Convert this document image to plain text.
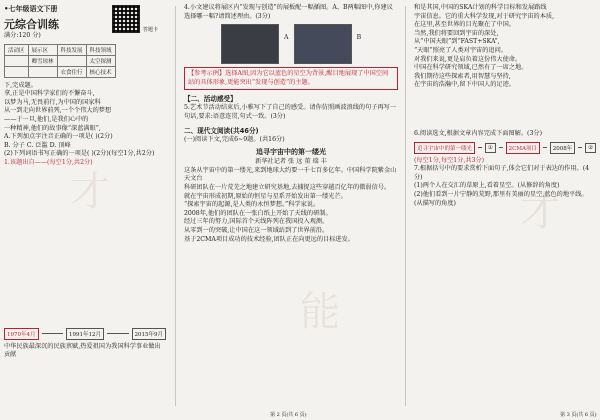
才
能
才

•七年级语文下册

元综合训练

满分:120 分)

答题卡
活动区	展示区	科技发展	科技领域
	卿雪琼林		太空探测
		衣食住行	核心技术

下,完成题。

拿,正是中国科学家们的不懈奋斗,

以梦为马,无畏前行,为中国的国家科

从一到走向世界前列,一个个伟大的梦想

——于一旦,他们,是我们心中的

一种精神,他们的故事像“深蓝满眼”,

A.下列加点字注音正确的一项是( )(2分)

B. 分子 C. 泛滥 D. 顶峰

(2)下列词语书写正确的一项是( )(2分)(每空1分,共2分)

1.该题出自——(每空1分,共2分)

1970年4月	1991年12月	2015年9月

中华民族最深沉的民族禀赋,热爱祖国为我国科学事业做出贡献

4.小文建议将展区内“发现与创造”的展板配一幅插图。A、B两幅图中,你建议选择哪一幅?请简述理由。(3分)

A	B

【参考示例】选择A图,因为它以蓝色的星空为背景,醒目地展现了中国空间站的具体形象,更能突出“发现与创造”的主题。

【二、活动感受】

5.艺术节活动结束后,小雅写下了自己的感受。请你仿照画波浪线的句子再写一句话,要求:语意连贯,句式一致。(3分)

二、现代文阅读(共46分)

(一)阅读下文,完成6~9题。(共16分)

追寻宇宙中的第一缕光

新华社记者 张 远 董 瑞 丰

这条从宇宙中的第一缕光,来到地球大约要一千七百多亿年。中国科学院紫金山天文台

科研团队在一片荒芜之地建立研究基地,去捕捉这些穿越百亿年的微弱信号。

就在宇宙形成初期,原始的恒星与星系开始发出第一缕光芒。

“探索宇宙的起源,是人类的永恒梦想。”科学家说。

2008年,他们的团队在一张白纸上开始了天线的研制。

经过三年的努力,国际首个天线阵列在我国投入观测。

从零到一的突破,让中国在这一领域站到了世界前沿。

基于2CMA项目成功的技术经验,团队正在向更远的目标进发。

第 2 页(共 6 页)

和是其国,中国的SKA计划的科学目标和发展路线

宇宙信息。它的重大科学发现,对于研究宇宙的本质,

在这里,甚至世界的目光聚在了中国。

当然,我们将要回到宇宙的深处,

从“中国天眼”到“FAST+SKA”,

“天眼”照亮了人类对宇宙的追问。

对我们来说,更是肩负着这份伟大使命。

中国在科学研究领域,已然有了一席之地。

我们期待这些探索者,用智慧与坚持,

在宇宙的浩瀚中,留下中国人的足迹。

6.阅读选文,根据文章内容完成下面图解。(3分)

追寻宇宙中的第一缕光	①	2CMA项目	2008年	②

(每空1分,每空1分,共3分)

7.根据括号中的要求赏析下面句子,体会它们对于表达的作用。(4分)

(1)两个人在交汇的草原上,看着星空。(从修辞的角度)

(2)他们看到一片宁静的荒野,那里有美丽的星空,蓝色的地平线。(从描写的角度)

第 3 页(共 6 页)
